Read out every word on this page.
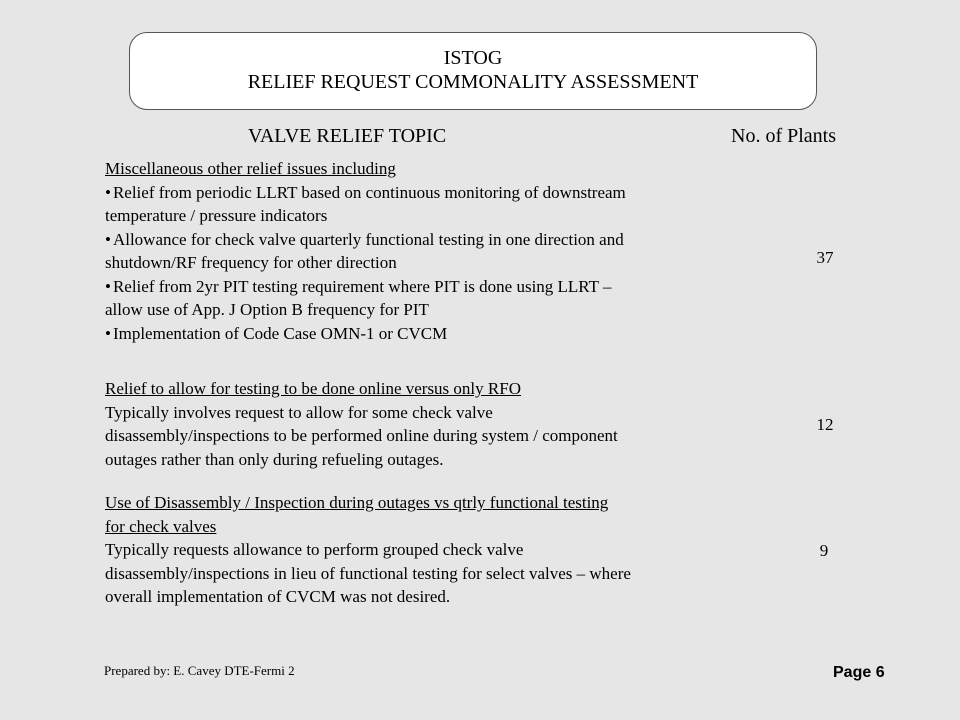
ISTOG
RELIEF REQUEST COMMONALITY ASSESSMENT
VALVE RELIEF TOPIC	No. of Plants
Miscellaneous other relief issues including
• Relief from periodic LLRT based on continuous monitoring of downstream
temperature / pressure indicators
• Allowance for check valve quarterly functional testing in one direction and
shutdown/RF frequency for other direction
• Relief from 2yr PIT testing requirement where PIT is done using LLRT –
allow use of App. J Option B frequency for PIT
• Implementation of Code Case OMN-1 or CVCM
37
Relief to allow for testing to be done online versus only RFO
Typically involves request to allow for some check valve
disassembly/inspections to be performed online during system / component
outages rather than only during refueling outages.
12
Use of Disassembly / Inspection during outages vs qtrly functional testing
for check valves
Typically requests allowance to perform grouped check valve
disassembly/inspections in lieu of functional testing for select valves – where
overall implementation of CVCM was not desired.
9
Prepared by: E. Cavey DTE-Fermi 2	Page 6
